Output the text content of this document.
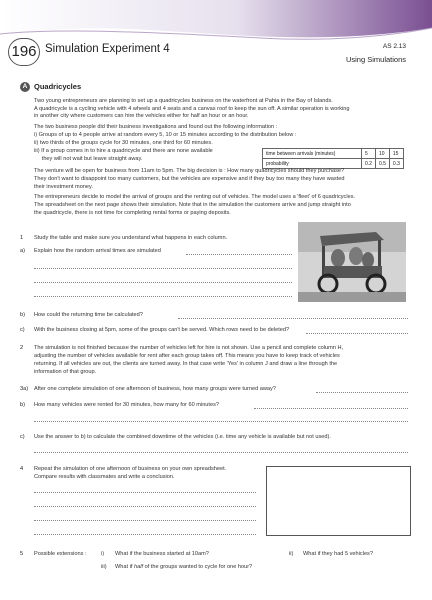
196 Simulation Experiment 4	AS 2.13
Using Simulations
A Quadricycles
Two young entrepreneurs are planning to set up a quadricycles business on the waterfront at Pahia in the Bay of Islands.
A quadricycle is a cycling vehicle with 4 wheels and 4 seats and a canvas roof to keep the sun off. A similar operation is working
in another city where customers can hire the vehicles either for half an hour or an hour.
The two business people did their business investigations and found out the following information :
i) Groups of up to 4 people arrive at random every 5, 10 or 15 minutes according to the distribution below :
ii) two thirds of the groups cycle for 30 minutes, one third for 60 minutes.
iii) If a group comes in to hire a quadricycle and there are none available
they will not wait but leave straight away.
time between arrivals (minutes)	5	10	15
probability	0.2	0.5	0.3
The venture will be open for business from 11am to 5pm. The big decision is : How many quadricycles should they purchase?
They don't want to disappoint too many customers, but the vehicles are expensive and if they buy too many they have wasted
their investment money.
The entrepreneurs decide to model the arrival of groups and the renting out of vehicles. The model uses a 'fleet' of 6 quadricycles.
The spreadsheet on the next page shows their simulation. Note that in the simulation the customers arrive and jump straight into
the quadricycle, there is not time for completing rental forms or paying deposits.
1 Study the table and make sure you understand what happens in each column.
a) Explain how the random arrival times are simulated
b) How could the returning time be calculated?
c) With the business closing at 5pm, some of the groups can't be served. Which rows need to be deleted?
2 The simulation is not finished because the number of vehicles left for hire is not shown. Use a pencil and complete column H,
adjusting the number of vehicles available for rent after each group takes off. This means you have to keep track of vehicles
returning. If all vehicles are out, the clients are turned away. In that case write 'Yes' in column J and draw a line through the
information of that group.
3a) After one complete simulation of one afternoon of business, how many groups were turned away?
b) How many vehicles were rented for 30 minutes, how many for 60 minutes?
c) Use the answer to b) to calculate the combined downtime of the vehicles (i.e. time any vehicle is available but not used).
4 Repeat the simulation of one afternoon of business on your own spreadsheet.
Compare results with classmates and write a conclusion.
5 Possible extensions :	i) What if the business started at 10am?	ii) What if they had 5 vehicles?
iii) What if half of the groups wanted to cycle for one hour?
